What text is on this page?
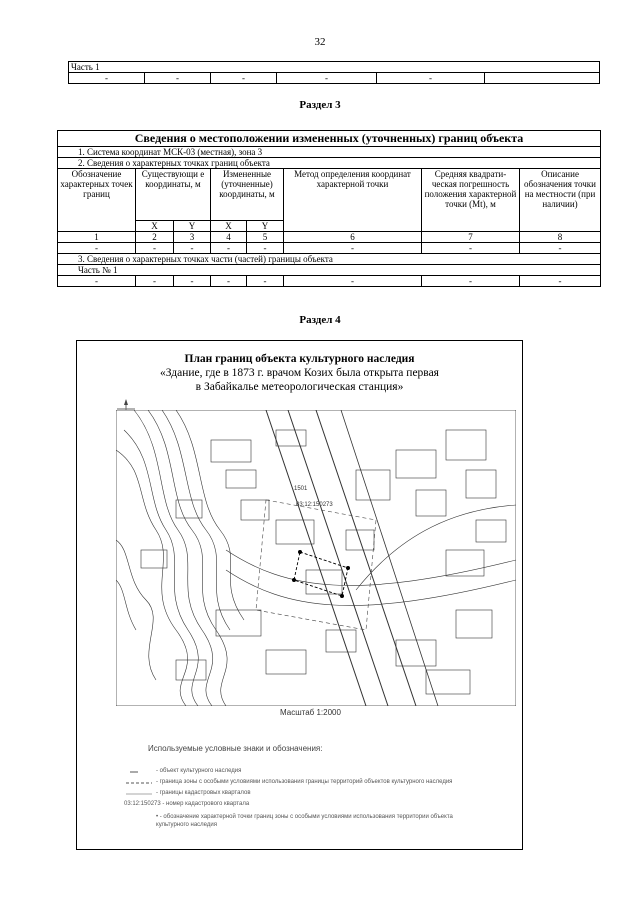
32
Часть 1
-	-	-	-	-	
Раздел 3
Сведения о местоположении измененных (уточненных) границ объекта							
1. Система координат МСК-03 (местная), зона 3							
2. Сведения о характерных точках границ объекта							
Обозначение характерных точек границ	Существующи е координаты, м		Измененные (уточненные) координаты, м		Метод определения координат характерной точки	Средняя квадрати-ческая погрешность положения характерной точки (Mt), м	Описание обозначения точки на местности (при наличии)
	X	Y	X	Y			
1	2	3	4	5	6	7	8
-	-	-	-	-	-	-	-
3. Сведения о характерных точках части (частей) границы объекта							
Часть № 1							
-	-	-	-	-	-	-	-
Раздел 4
План границ объекта культурного наследия
«Здание, где в 1873 г. врачом Козих была открыта первая
в Забайкалье метеорологическая станция»
1501
03:12:150273
Масштаб 1:2000
Используемые условные знаки и обозначения:
- объект культурного наследия
- граница зоны с особыми условиями использования границы территорий объектов культурного наследия
- границы кадастровых кварталов
03:12:150273 - номер кадастрового квартала
• - обозначение характерной точки границ зоны с особыми условиями использования территории объекта культурного наследия
